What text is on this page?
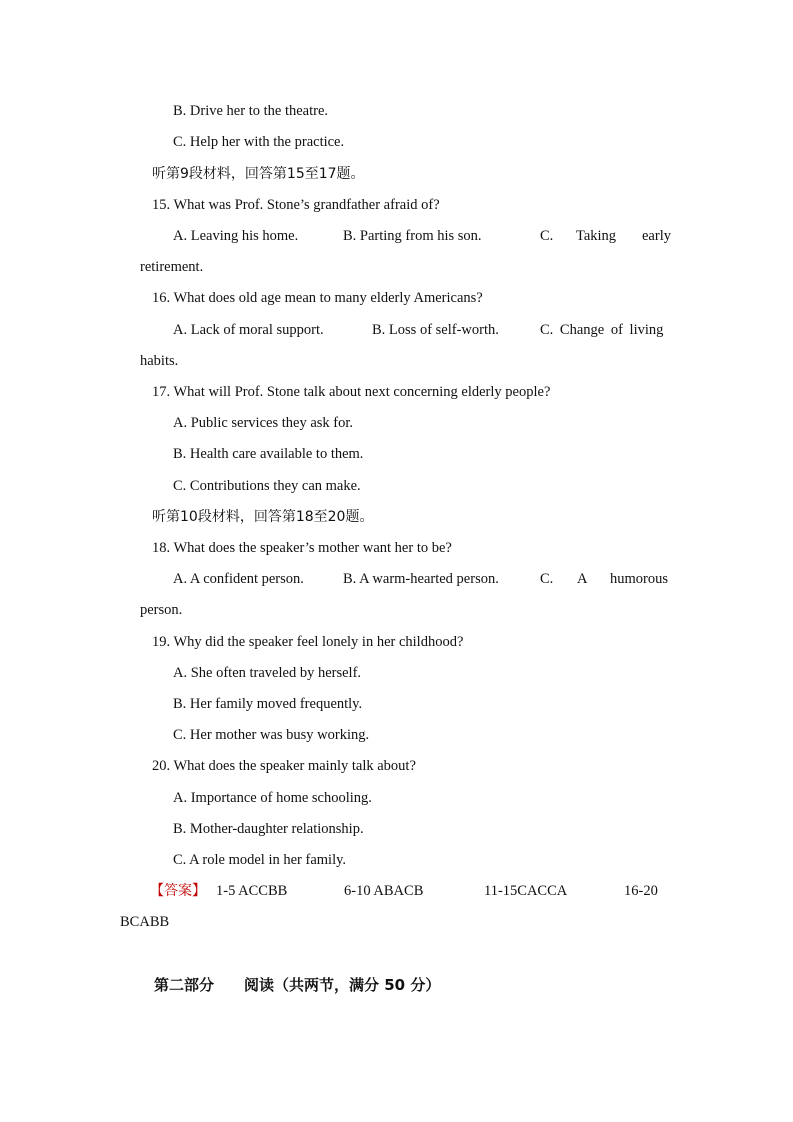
B. Drive her to the theatre.
C. Help her with the practice.
听第9段材料，回答第15至17题。
15. What was Prof. Stone’s grandfather afraid of?
A. Leaving his home.	B. Parting from his son.	C. Taking early
retirement.
16. What does old age mean to many elderly Americans?
A. Lack of moral support.	B. Loss of self-worth.	C. Change of living
habits.
17. What will Prof. Stone talk about next concerning elderly people?
A. Public services they ask for.
B. Health care available to them.
C. Contributions they can make.
听第10段材料，回答第18至20题。
18. What does the speaker’s mother want her to be?
A. A confident person.	B. A warm-hearted person.	C. A humorous
person.
19. Why did the speaker feel lonely in her childhood?
A. She often traveled by herself.
B. Her family moved frequently.
C. Her mother was busy working.
20. What does the speaker mainly talk about?
A. Importance of home schooling.
B. Mother-daughter relationship.
C. A role model in her family.
【答案】 1-5 ACCBB	6-10 ABACB	11-15CACCA	16-20
BCABB
第二部分 阅读（共两节，满分 50 分）
